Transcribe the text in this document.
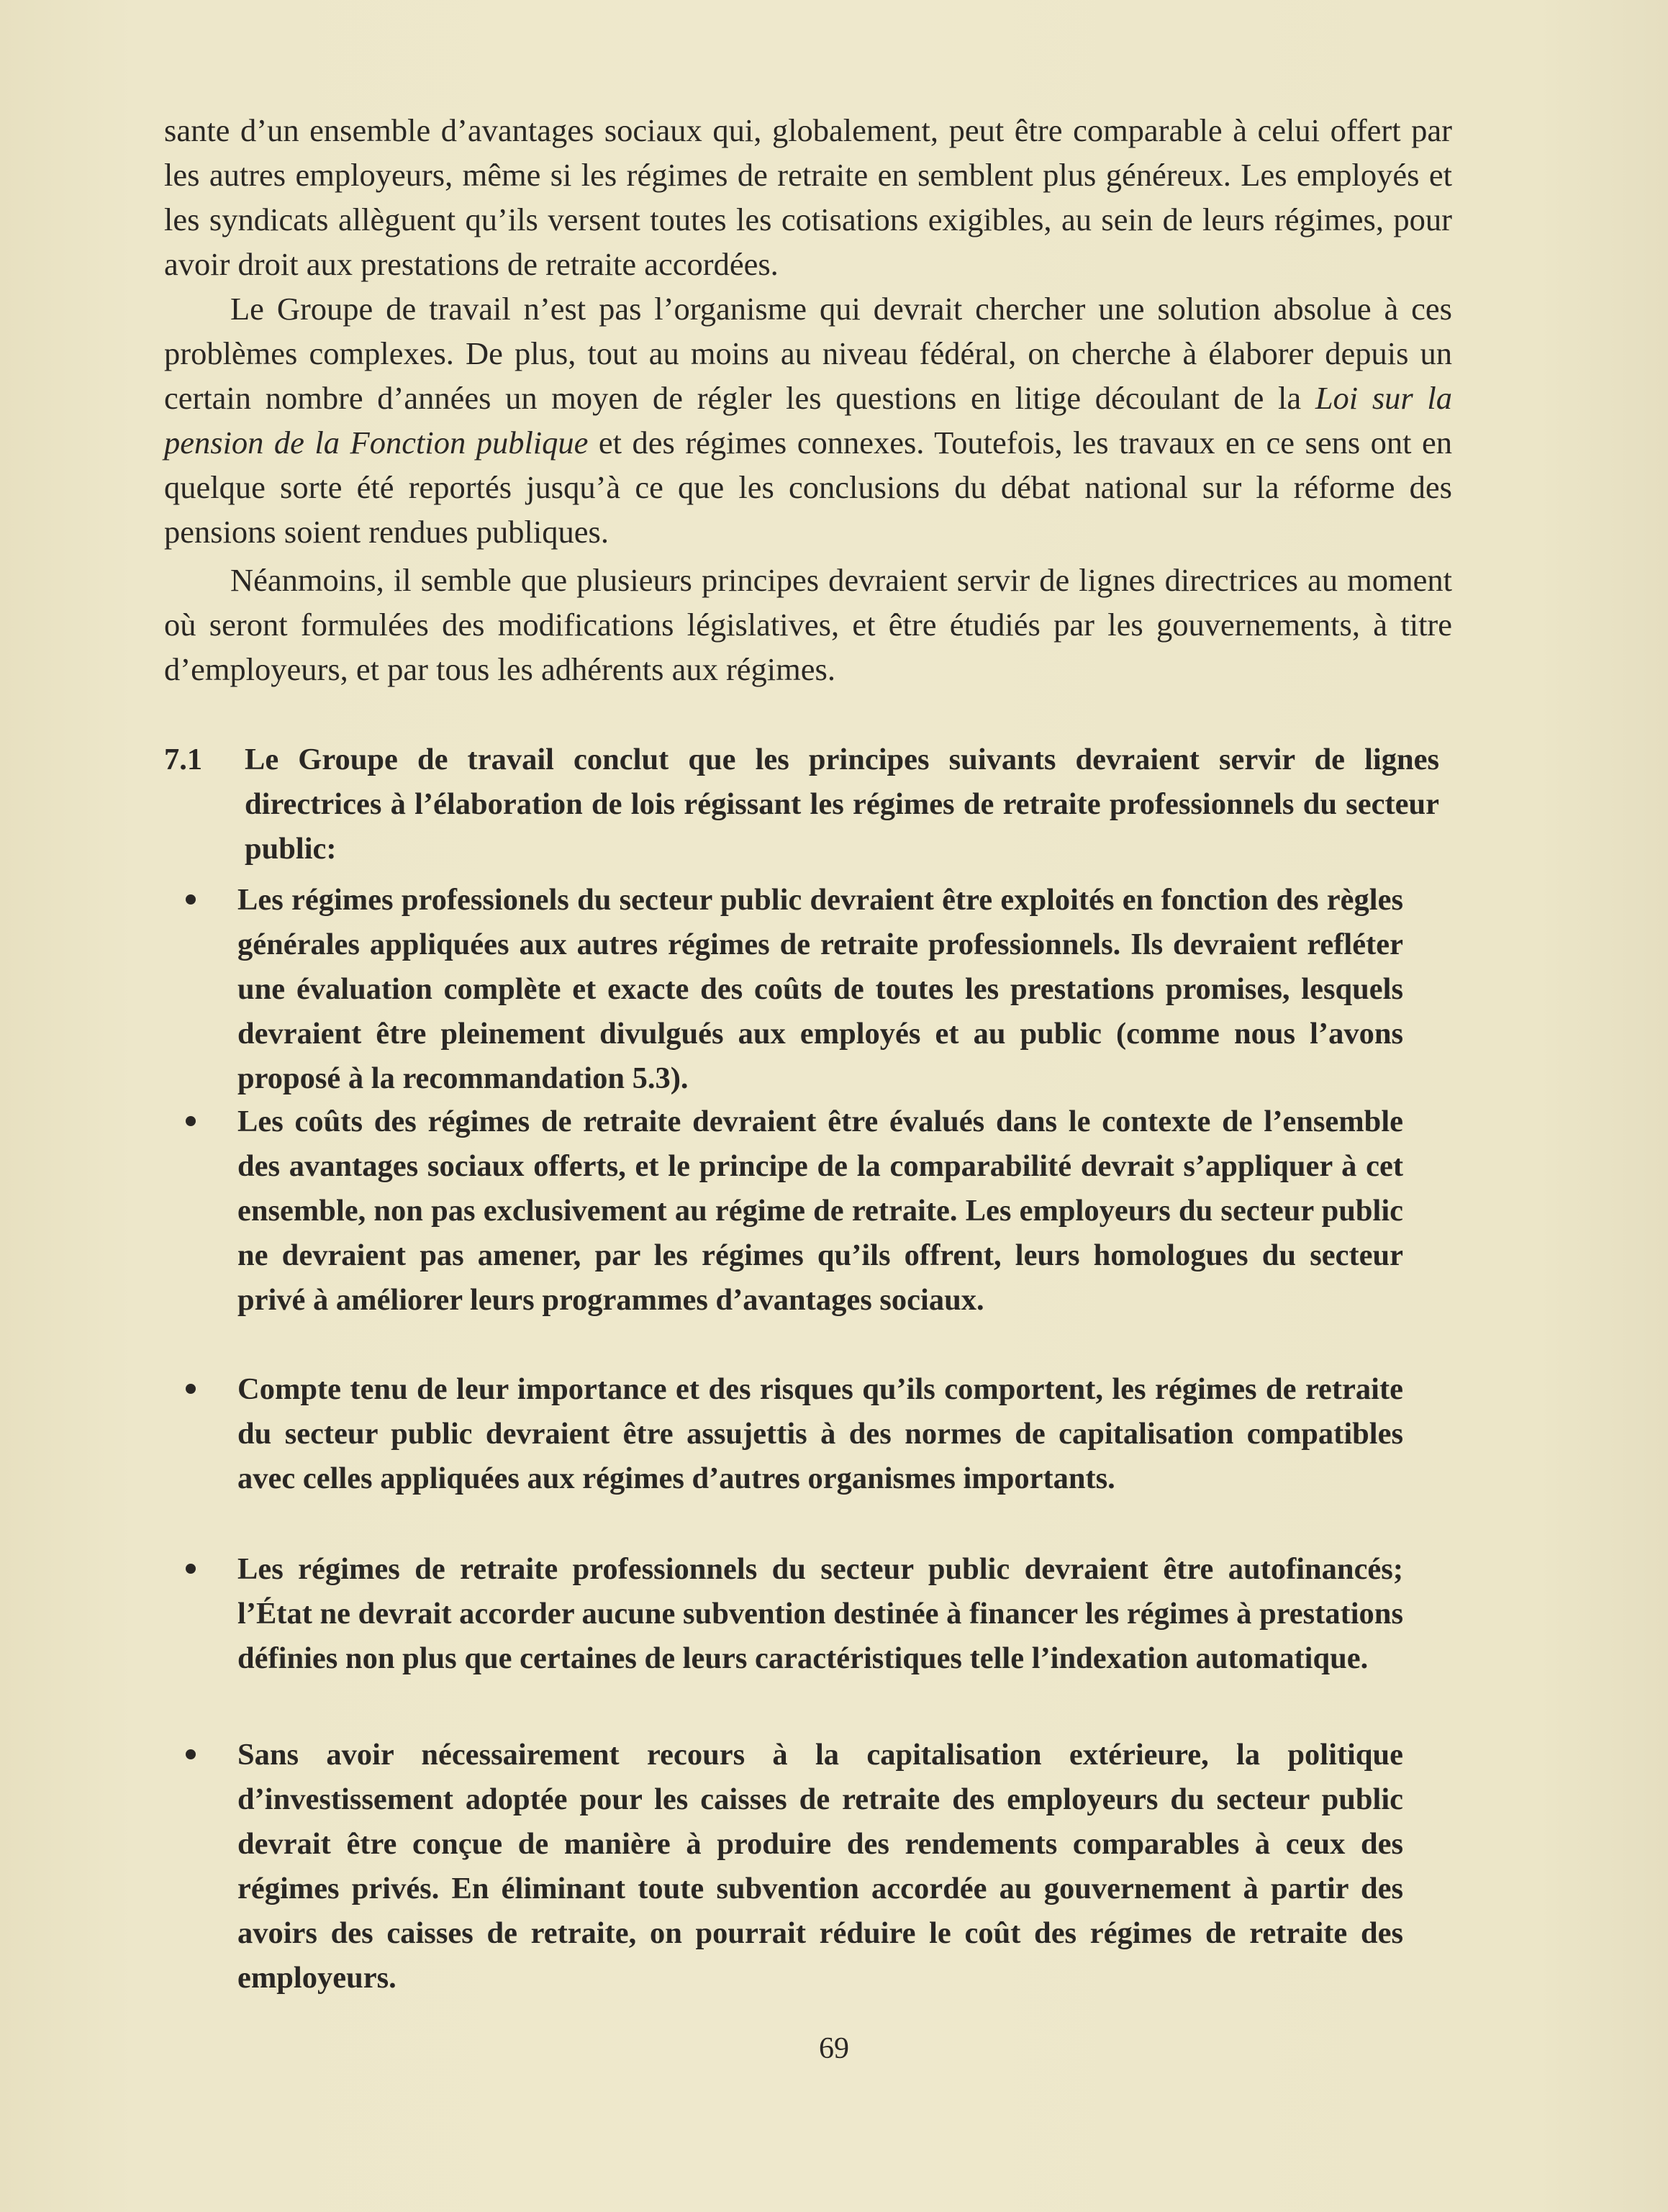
sante d’un ensemble d’avantages sociaux qui, globalement, peut être comparable à celui offert par les autres employeurs, même si les régimes de retraite en semblent plus généreux. Les employés et les syndicats allèguent qu’ils versent toutes les cotisations exigibles, au sein de leurs régimes, pour avoir droit aux prestations de retraite accordées.

Le Groupe de travail n’est pas l’organisme qui devrait chercher une solution absolue à ces problèmes complexes. De plus, tout au moins au niveau fédéral, on cherche à élaborer depuis un certain nombre d’années un moyen de régler les questions en litige découlant de la Loi sur la pension de la Fonction publique et des régimes connexes. Toutefois, les travaux en ce sens ont en quelque sorte été reportés jusqu’à ce que les conclusions du débat national sur la réforme des pensions soient rendues publiques.

Néanmoins, il semble que plusieurs principes devraient servir de lignes directrices au moment où seront formulées des modifications législatives, et être étudiés par les gouvernements, à titre d’employeurs, et par tous les adhérents aux régimes.

7.1	Le Groupe de travail conclut que les principes suivants devraient servir de lignes directrices à l’élaboration de lois régissant les régimes de retraite professionnels du secteur public:
Les régimes professionels du secteur public devraient être exploités en fonction des règles générales appliquées aux autres régimes de retraite professionnels. Ils devraient refléter une évaluation complète et exacte des coûts de toutes les prestations promises, lesquels devraient être pleinement divulgués aux employés et au public (comme nous l’avons proposé à la recommandation 5.3).
Les coûts des régimes de retraite devraient être évalués dans le contexte de l’ensemble des avantages sociaux offerts, et le principe de la comparabilité devrait s’appliquer à cet ensemble, non pas exclusivement au régime de retraite. Les employeurs du secteur public ne devraient pas amener, par les régimes qu’ils offrent, leurs homologues du secteur privé à améliorer leurs programmes d’avantages sociaux.
Compte tenu de leur importance et des risques qu’ils comportent, les régimes de retraite du secteur public devraient être assujettis à des normes de capitalisation compatibles avec celles appliquées aux régimes d’autres organismes importants.
Les régimes de retraite professionnels du secteur public devraient être autofinancés; l’État ne devrait accorder aucune subvention destinée à financer les régimes à prestations définies non plus que certaines de leurs caractéristiques telle l’indexation automatique.
Sans avoir nécessairement recours à la capitalisation extérieure, la politique d’investissement adoptée pour les caisses de retraite des employeurs du secteur public devrait être conçue de manière à produire des rendements comparables à ceux des régimes privés. En éliminant toute subvention accordée au gouvernement à partir des avoirs des caisses de retraite, on pourrait réduire le coût des régimes de retraite des employeurs.
69
